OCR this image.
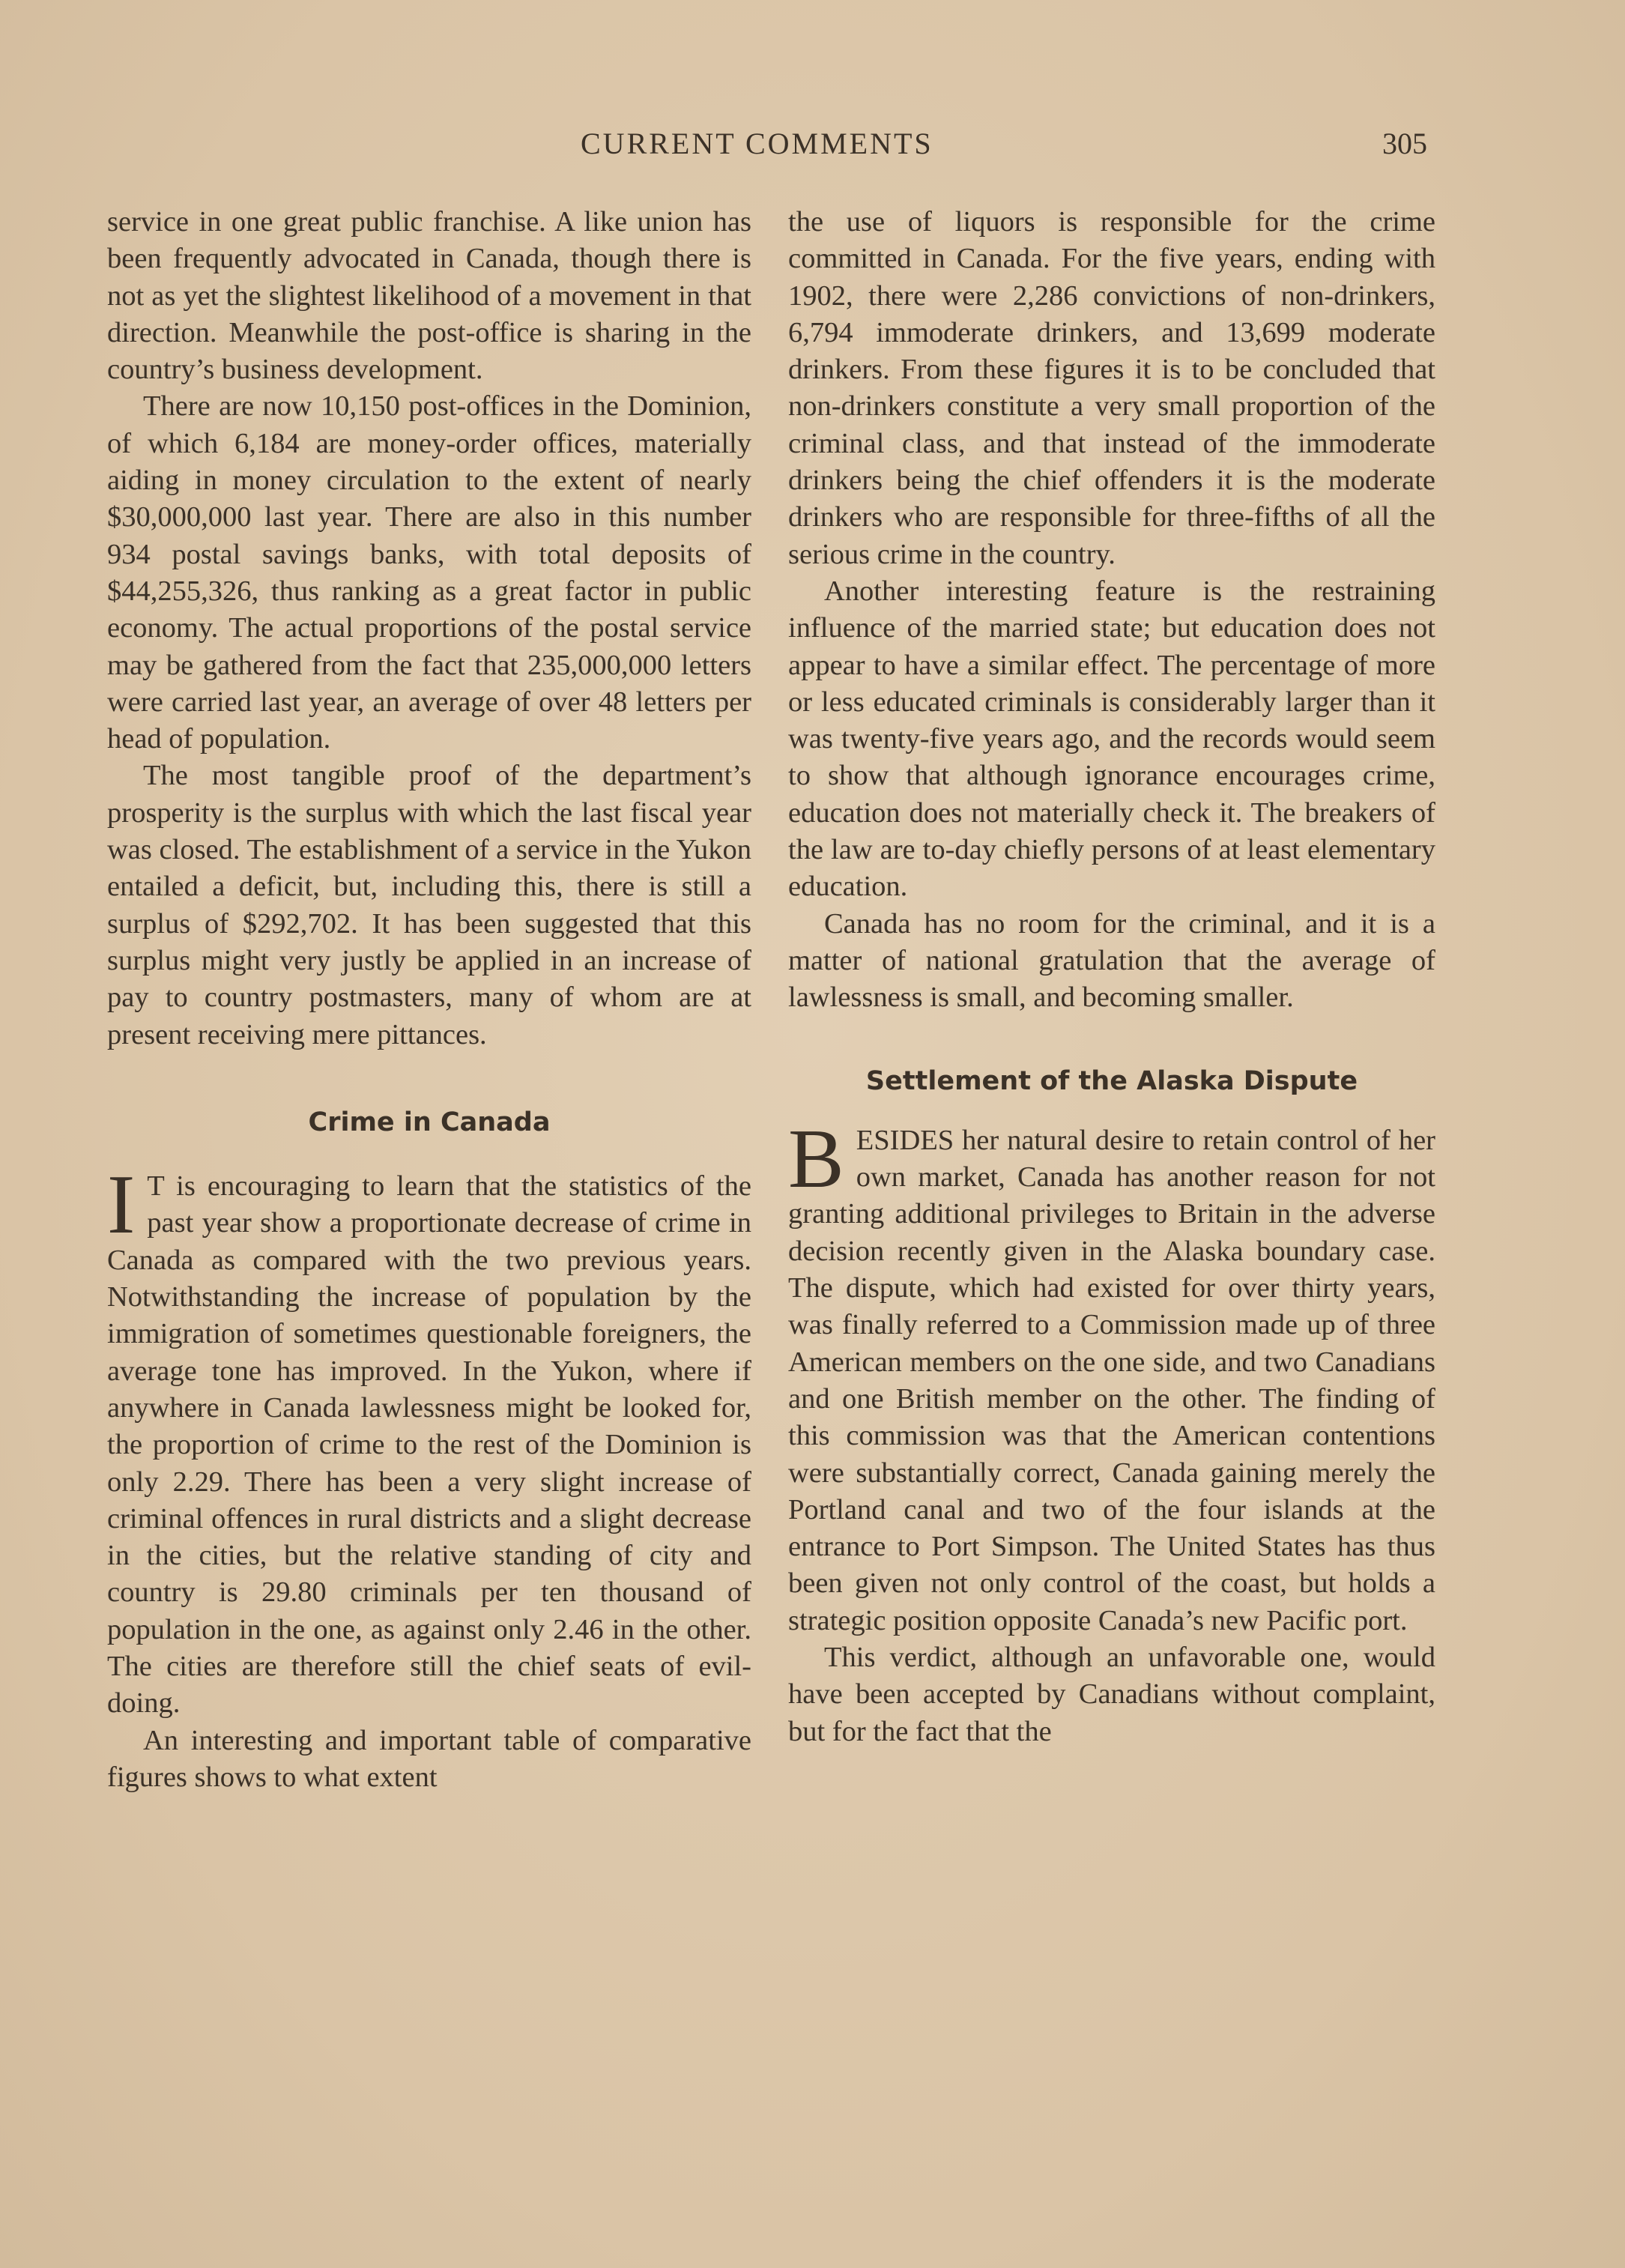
CURRENT COMMENTS	305

service in one great public franchise. A like union has been frequently advocated in Canada, though there is not as yet the slightest likelihood of a movement in that direction. Meanwhile the post-office is sharing in the country’s business development.

There are now 10,150 post-offices in the Dominion, of which 6,184 are money-order offices, materially aiding in money circulation to the extent of nearly $30,000,000 last year. There are also in this number 934 postal savings banks, with total deposits of $44,255,326, thus ranking as a great factor in public economy. The actual proportions of the postal service may be gathered from the fact that 235,000,000 letters were carried last year, an average of over 48 letters per head of population.

The most tangible proof of the department’s prosperity is the surplus with which the last fiscal year was closed. The establishment of a service in the Yukon entailed a deficit, but, including this, there is still a surplus of $292,702. It has been suggested that this surplus might very justly be applied in an increase of pay to country postmasters, many of whom are at present receiving mere pittances.

Crime in Canada

I T is encouraging to learn that the statistics of the past year show a proportionate decrease of crime in Canada as compared with the two previous years. Notwithstanding the increase of population by the immigration of sometimes questionable foreigners, the average tone has improved. In the Yukon, where if anywhere in Canada lawlessness might be looked for, the proportion of crime to the rest of the Dominion is only 2.29. There has been a very slight increase of criminal offences in rural districts and a slight decrease in the cities, but the relative standing of city and country is 29.80 criminals per ten thousand of population in the one, as against only 2.46 in the other. The cities are therefore still the chief seats of evil-doing.

An interesting and important table of comparative figures shows to what extent

the use of liquors is responsible for the crime committed in Canada. For the five years, ending with 1902, there were 2,286 convictions of non-drinkers, 6,794 immoderate drinkers, and 13,699 moderate drinkers. From these figures it is to be concluded that non-drinkers constitute a very small proportion of the criminal class, and that instead of the immoderate drinkers being the chief offenders it is the moderate drinkers who are responsible for three-fifths of all the serious crime in the country.

Another interesting feature is the restraining influence of the married state; but education does not appear to have a similar effect. The percentage of more or less educated criminals is considerably larger than it was twenty-five years ago, and the records would seem to show that although ignorance encourages crime, education does not materially check it. The breakers of the law are to-day chiefly persons of at least elementary education.

Canada has no room for the criminal, and it is a matter of national gratulation that the average of lawlessness is small, and becoming smaller.

Settlement of the Alaska Dispute

BESIDES her natural desire to retain control of her own market, Canada has another reason for not granting additional privileges to Britain in the adverse decision recently given in the Alaska boundary case. The dispute, which had existed for over thirty years, was finally referred to a Commission made up of three American members on the one side, and two Canadians and one British member on the other. The finding of this commission was that the American contentions were substantially correct, Canada gaining merely the Portland canal and two of the four islands at the entrance to Port Simpson. The United States has thus been given not only control of the coast, but holds a strategic position opposite Canada’s new Pacific port.

This verdict, although an unfavorable one, would have been accepted by Canadians without complaint, but for the fact that the
